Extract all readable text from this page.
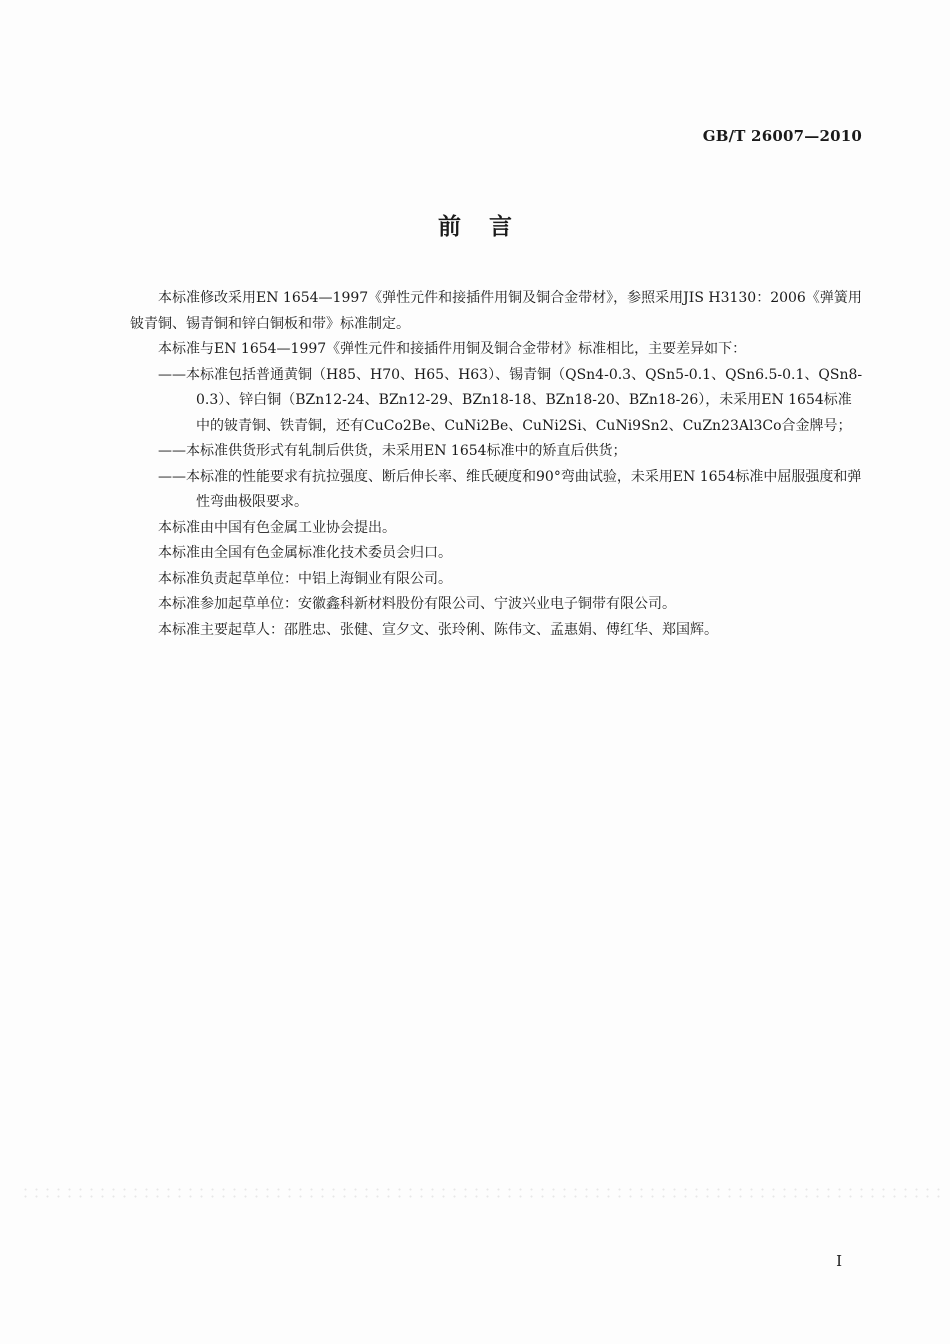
GB/T 26007—2010
前言

本标准修改采用EN 1654—1997《弹性元件和接插件用铜及铜合金带材》，参照采用JIS H3130：2006《弹簧用铍青铜、锡青铜和锌白铜板和带》标准制定。

本标准与EN 1654—1997《弹性元件和接插件用铜及铜合金带材》标准相比，主要差异如下：

——本标准包括普通黄铜（H85、H70、H65、H63）、锡青铜（QSn4-0.3、QSn5-0.1、QSn6.5-0.1、QSn8-0.3）、锌白铜（BZn12-24、BZn12-29、BZn18-18、BZn18-20、BZn18-26），未采用EN 1654标准中的铍青铜、铁青铜，还有CuCo2Be、CuNi2Be、CuNi2Si、CuNi9Sn2、CuZn23Al3Co合金牌号；

——本标准供货形式有轧制后供货，未采用EN 1654标准中的矫直后供货；

——本标准的性能要求有抗拉强度、断后伸长率、维氏硬度和90°弯曲试验，未采用EN 1654标准中屈服强度和弹性弯曲极限要求。

本标准由中国有色金属工业协会提出。

本标准由全国有色金属标准化技术委员会归口。

本标准负责起草单位：中铝上海铜业有限公司。

本标准参加起草单位：安徽鑫科新材料股份有限公司、宁波兴业电子铜带有限公司。

本标准主要起草人：邵胜忠、张健、宣夕文、张玲俐、陈伟文、孟惠娟、傅红华、郑国辉。

I
